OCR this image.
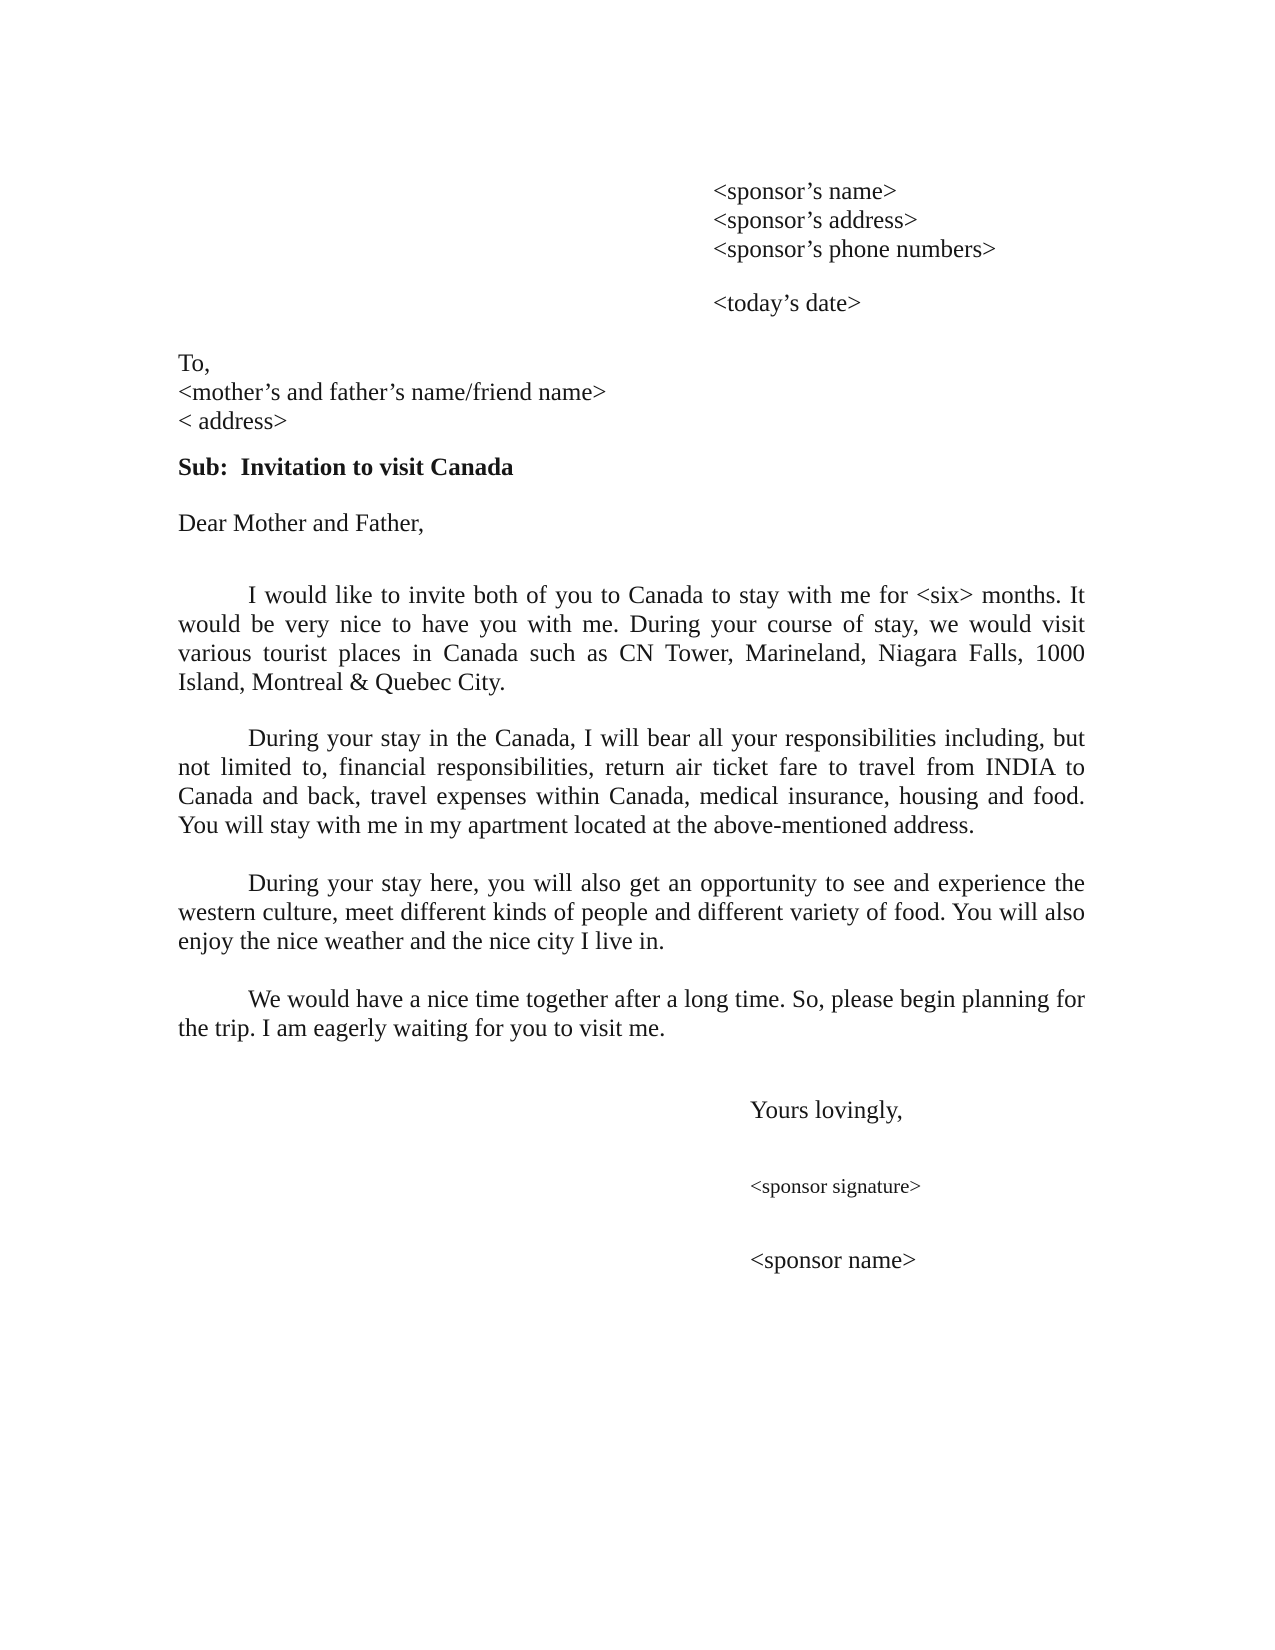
<sponsor’s name>
<sponsor’s address>
<sponsor’s phone numbers>
<today’s date>
To,
<mother’s and father’s name/friend name>
< address>
Sub:  Invitation to visit Canada
Dear Mother and Father,

I would like to invite both of you to Canada to stay with me for <six> months. It would be very nice to have you with me. During your course of stay, we would visit various tourist places in Canada such as CN Tower, Marineland, Niagara Falls, 1000 Island, Montreal & Quebec City.

During your stay in the Canada, I will bear all your responsibilities including, but not limited to, financial responsibilities, return air ticket fare to travel from INDIA to Canada and back, travel expenses within Canada, medical insurance, housing and food. You will stay with me in my apartment located at the above-mentioned address.

During your stay here, you will also get an opportunity to see and experience the western culture, meet different kinds of people and different variety of food. You will also enjoy the nice weather and the nice city I live in.

We would have a nice time together after a long time. So, please begin planning for the trip. I am eagerly waiting for you to visit me.

Yours lovingly,
<sponsor signature>
<sponsor name>
